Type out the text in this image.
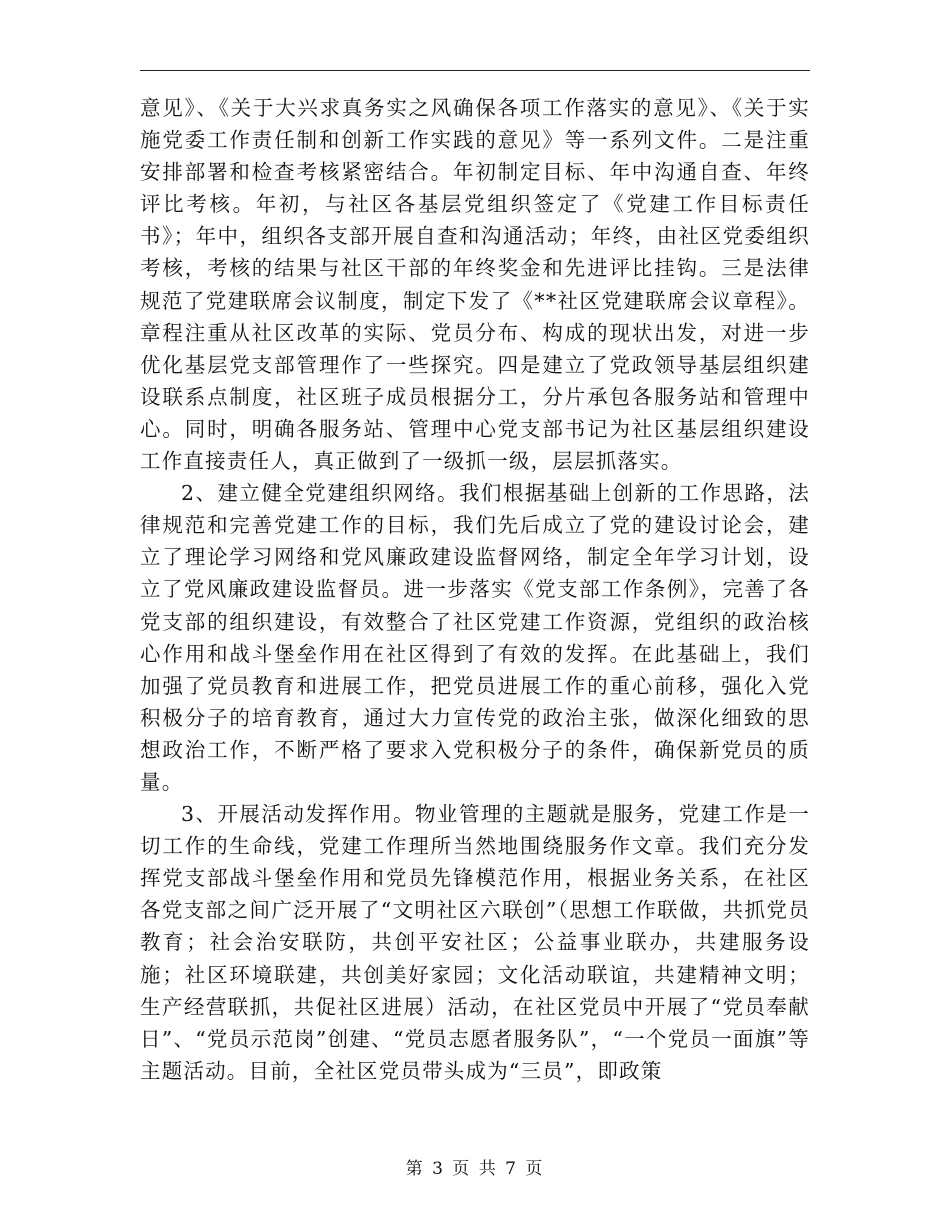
意见》、《关于大兴求真务实之风确保各项工作落实的意见》、《关于实施党委工作责任制和创新工作实践的意见》等一系列文件。二是注重安排部署和检查考核紧密结合。年初制定目标、年中沟通自查、年终评比考核。年初，与社区各基层党组织签定了《党建工作目标责任书》；年中，组织各支部开展自查和沟通活动；年终，由社区党委组织考核，考核的结果与社区干部的年终奖金和先进评比挂钩。三是法律规范了党建联席会议制度，制定下发了《**社区党建联席会议章程》。章程注重从社区改革的实际、党员分布、构成的现状出发，对进一步优化基层党支部管理作了一些探究。四是建立了党政领导基层组织建设联系点制度，社区班子成员根据分工，分片承包各服务站和管理中心。同时，明确各服务站、管理中心党支部书记为社区基层组织建设工作直接责任人，真正做到了一级抓一级，层层抓落实。

2、建立健全党建组织网络。我们根据基础上创新的工作思路，法律规范和完善党建工作的目标，我们先后成立了党的建设讨论会，建立了理论学习网络和党风廉政建设监督网络，制定全年学习计划，设立了党风廉政建设监督员。进一步落实《党支部工作条例》，完善了各党支部的组织建设，有效整合了社区党建工作资源，党组织的政治核心作用和战斗堡垒作用在社区得到了有效的发挥。在此基础上，我们加强了党员教育和进展工作，把党员进展工作的重心前移，强化入党积极分子的培育教育，通过大力宣传党的政治主张，做深化细致的思想政治工作，不断严格了要求入党积极分子的条件，确保新党员的质量。

3、开展活动发挥作用。物业管理的主题就是服务，党建工作是一切工作的生命线，党建工作理所当然地围绕服务作文章。我们充分发挥党支部战斗堡垒作用和党员先锋模范作用，根据业务关系，在社区各党支部之间广泛开展了“文明社区六联创”（思想工作联做，共抓党员教育；社会治安联防，共创平安社区；公益事业联办，共建服务设施；社区环境联建，共创美好家园；文化活动联谊，共建精神文明；生产经营联抓，共促社区进展）活动，在社区党员中开展了“党员奉献日”、“党员示范岗”创建、“党员志愿者服务队”，“一个党员一面旗”等主题活动。目前，全社区党员带头成为“三员”，即政策

第 3 页 共 7 页
